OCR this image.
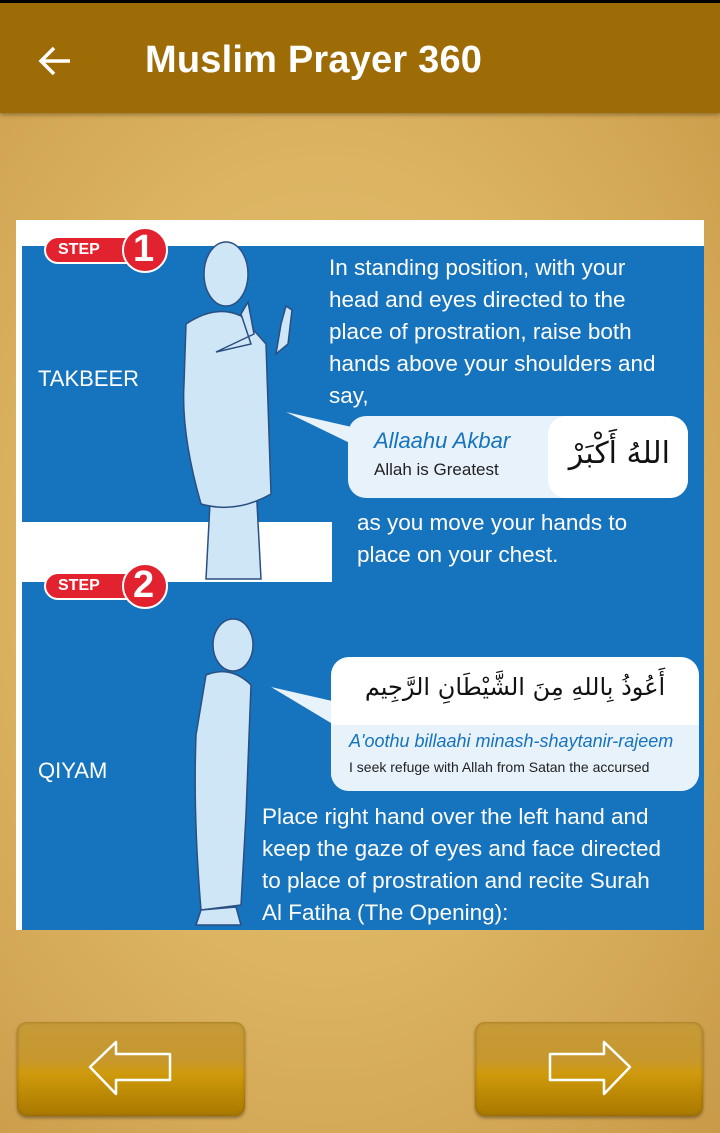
Muslim Prayer 360
STEP 1
STEP 2
TAKBEER
QIYAM
In standing position, with your
head and eyes directed to the
place of prostration, raise both
hands above your shoulders and
say,
Allaahu Akbar
Allah is Greatest اللهُ أَكْبَرْ
as you move your hands to
place on your chest.
أَعُوذُ بِاللهِ مِنَ الشَّيْطَانِ الرَّجِيم
A'oothu billaahi minash-shaytanir-rajeem
I seek refuge with Allah from Satan the accursed
Place right hand over the left hand and
keep the gaze of eyes and face directed
to place of prostration and recite Surah
Al Fatiha (The Opening):
